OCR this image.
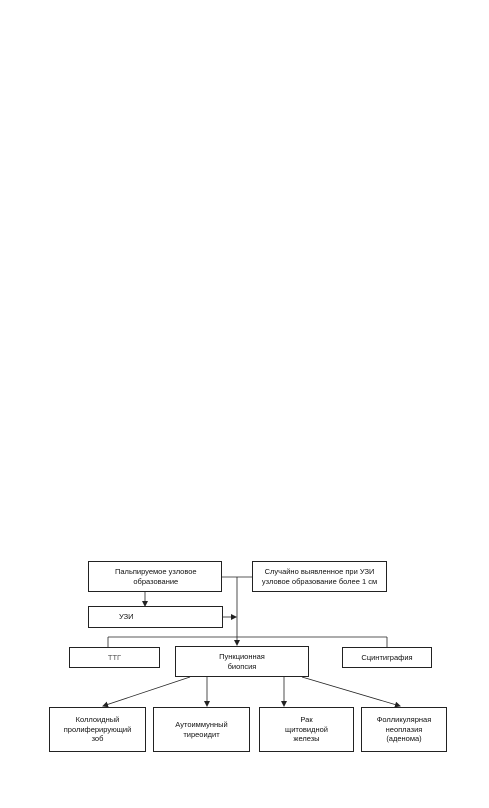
Пальпируемое узловое
образование
Случайно выявленное при УЗИ
узловое образование более 1 см
УЗИ
ТТГ	Пункционная
биопсия
Сцинтиграфия
Коллоидный
пролиферирующий
зоб
Аутоиммунный
тиреоидит
Рак
щитовидной
железы
Фолликулярная
неоплазия
(аденома)
